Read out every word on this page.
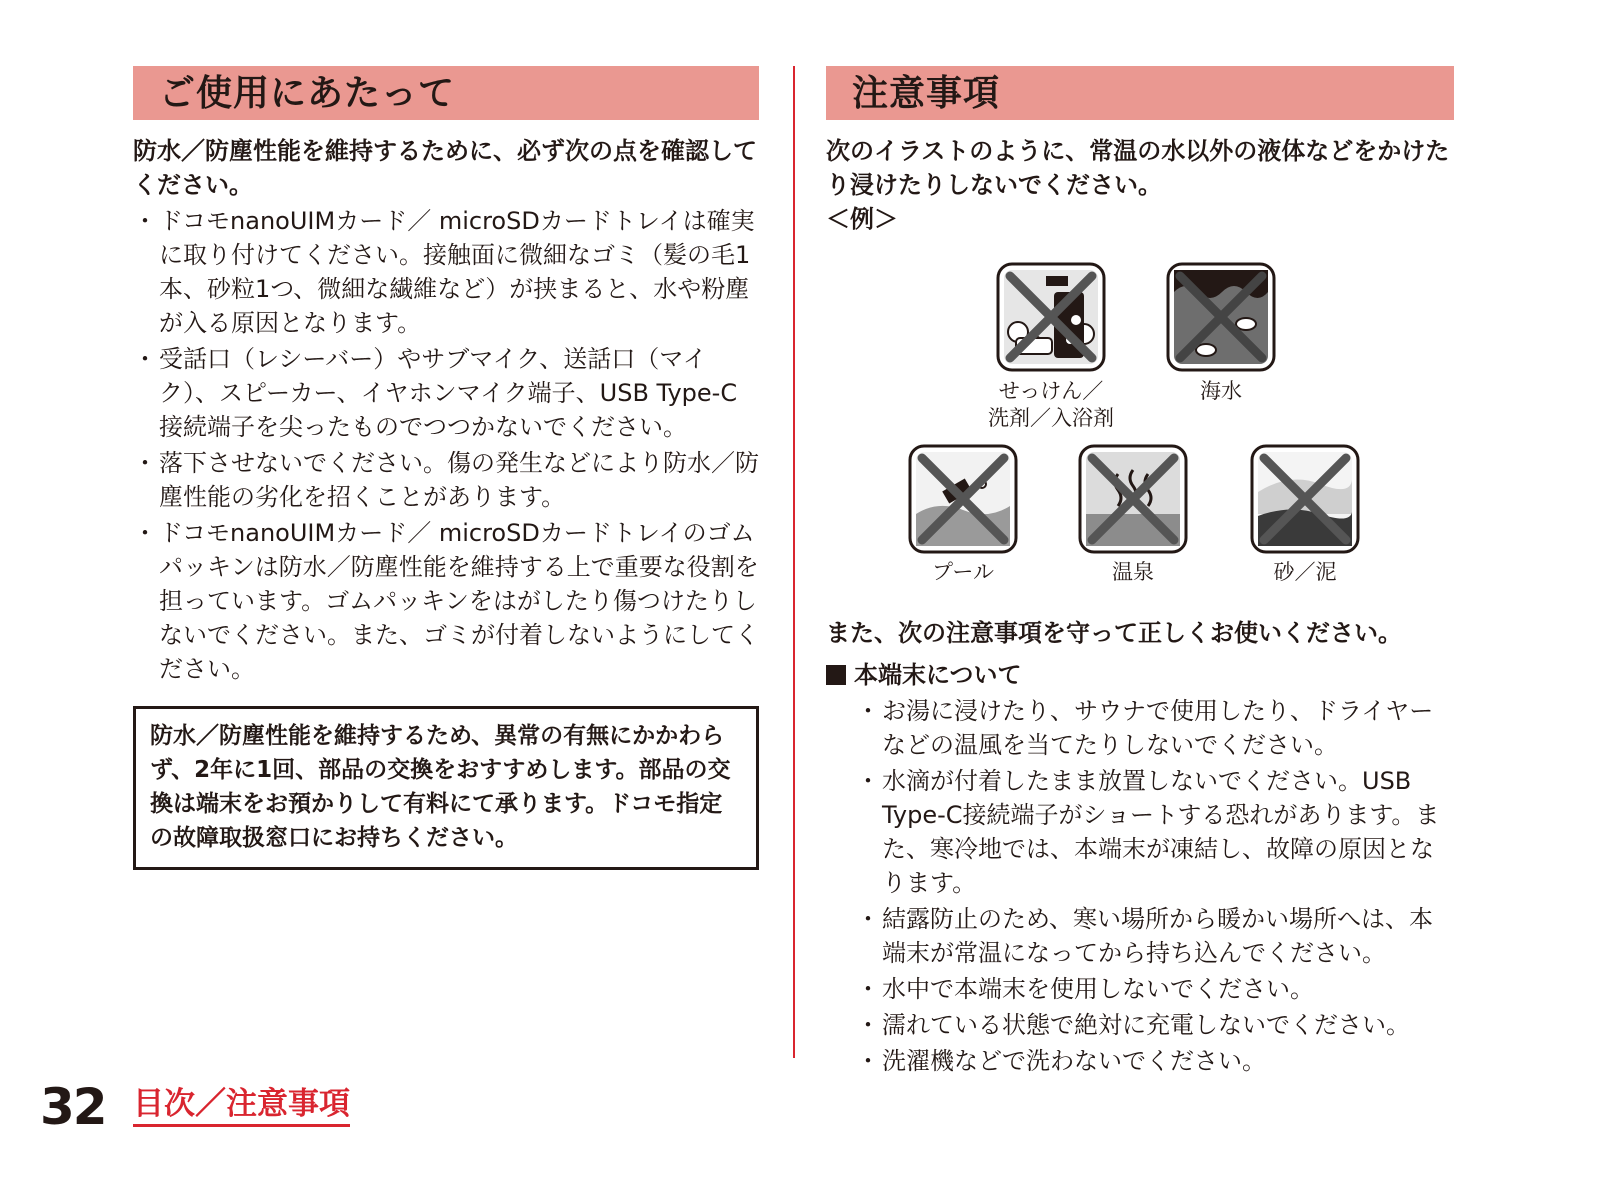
ご使用にあたって
防水／防塵性能を維持するために、必ず次の点を確認してください。
・ ドコモnanoUIMカード／ microSDカードトレイは確実に取り付けてください。接触面に微細なゴミ（髪の毛1本、砂粒1つ、微細な繊維など）が挟まると、水や粉塵が入る原因となります。
・ 受話口（レシーバー）やサブマイク、送話口（マイク）、スピーカー、イヤホンマイク端子、USB Type-C接続端子を尖ったものでつつかないでください。
・ 落下させないでください。傷の発生などにより防水／防塵性能の劣化を招くことがあります。
・ ドコモnanoUIMカード／ microSDカードトレイのゴムパッキンは防水／防塵性能を維持する上で重要な役割を担っています。ゴムパッキンをはがしたり傷つけたりしないでください。また、ゴミが付着しないようにしてください。
防水／防塵性能を維持するため、異常の有無にかかわらず、2年に1回、部品の交換をおすすめします。部品の交換は端末をお預かりして有料にて承ります。ドコモ指定の故障取扱窓口にお持ちください。
注意事項
次のイラストのように、常温の水以外の液体などをかけたり浸けたりしないでください。
＜例＞
せっけん／
洗剤／入浴剤
海水
プール	温泉	砂／泥
また、次の注意事項を守って正しくお使いください。
本端末について
・ お湯に浸けたり、サウナで使用したり、ドライヤーなどの温風を当てたりしないでください。
・ 水滴が付着したまま放置しないでください。USB Type-C接続端子がショートする恐れがあります。また、寒冷地では、本端末が凍結し、故障の原因となります。
・ 結露防止のため、寒い場所から暖かい場所へは、本端末が常温になってから持ち込んでください。
・ 水中で本端末を使用しないでください。
・ 濡れている状態で絶対に充電しないでください。
・ 洗濯機などで洗わないでください。
32 目次／注意事項
